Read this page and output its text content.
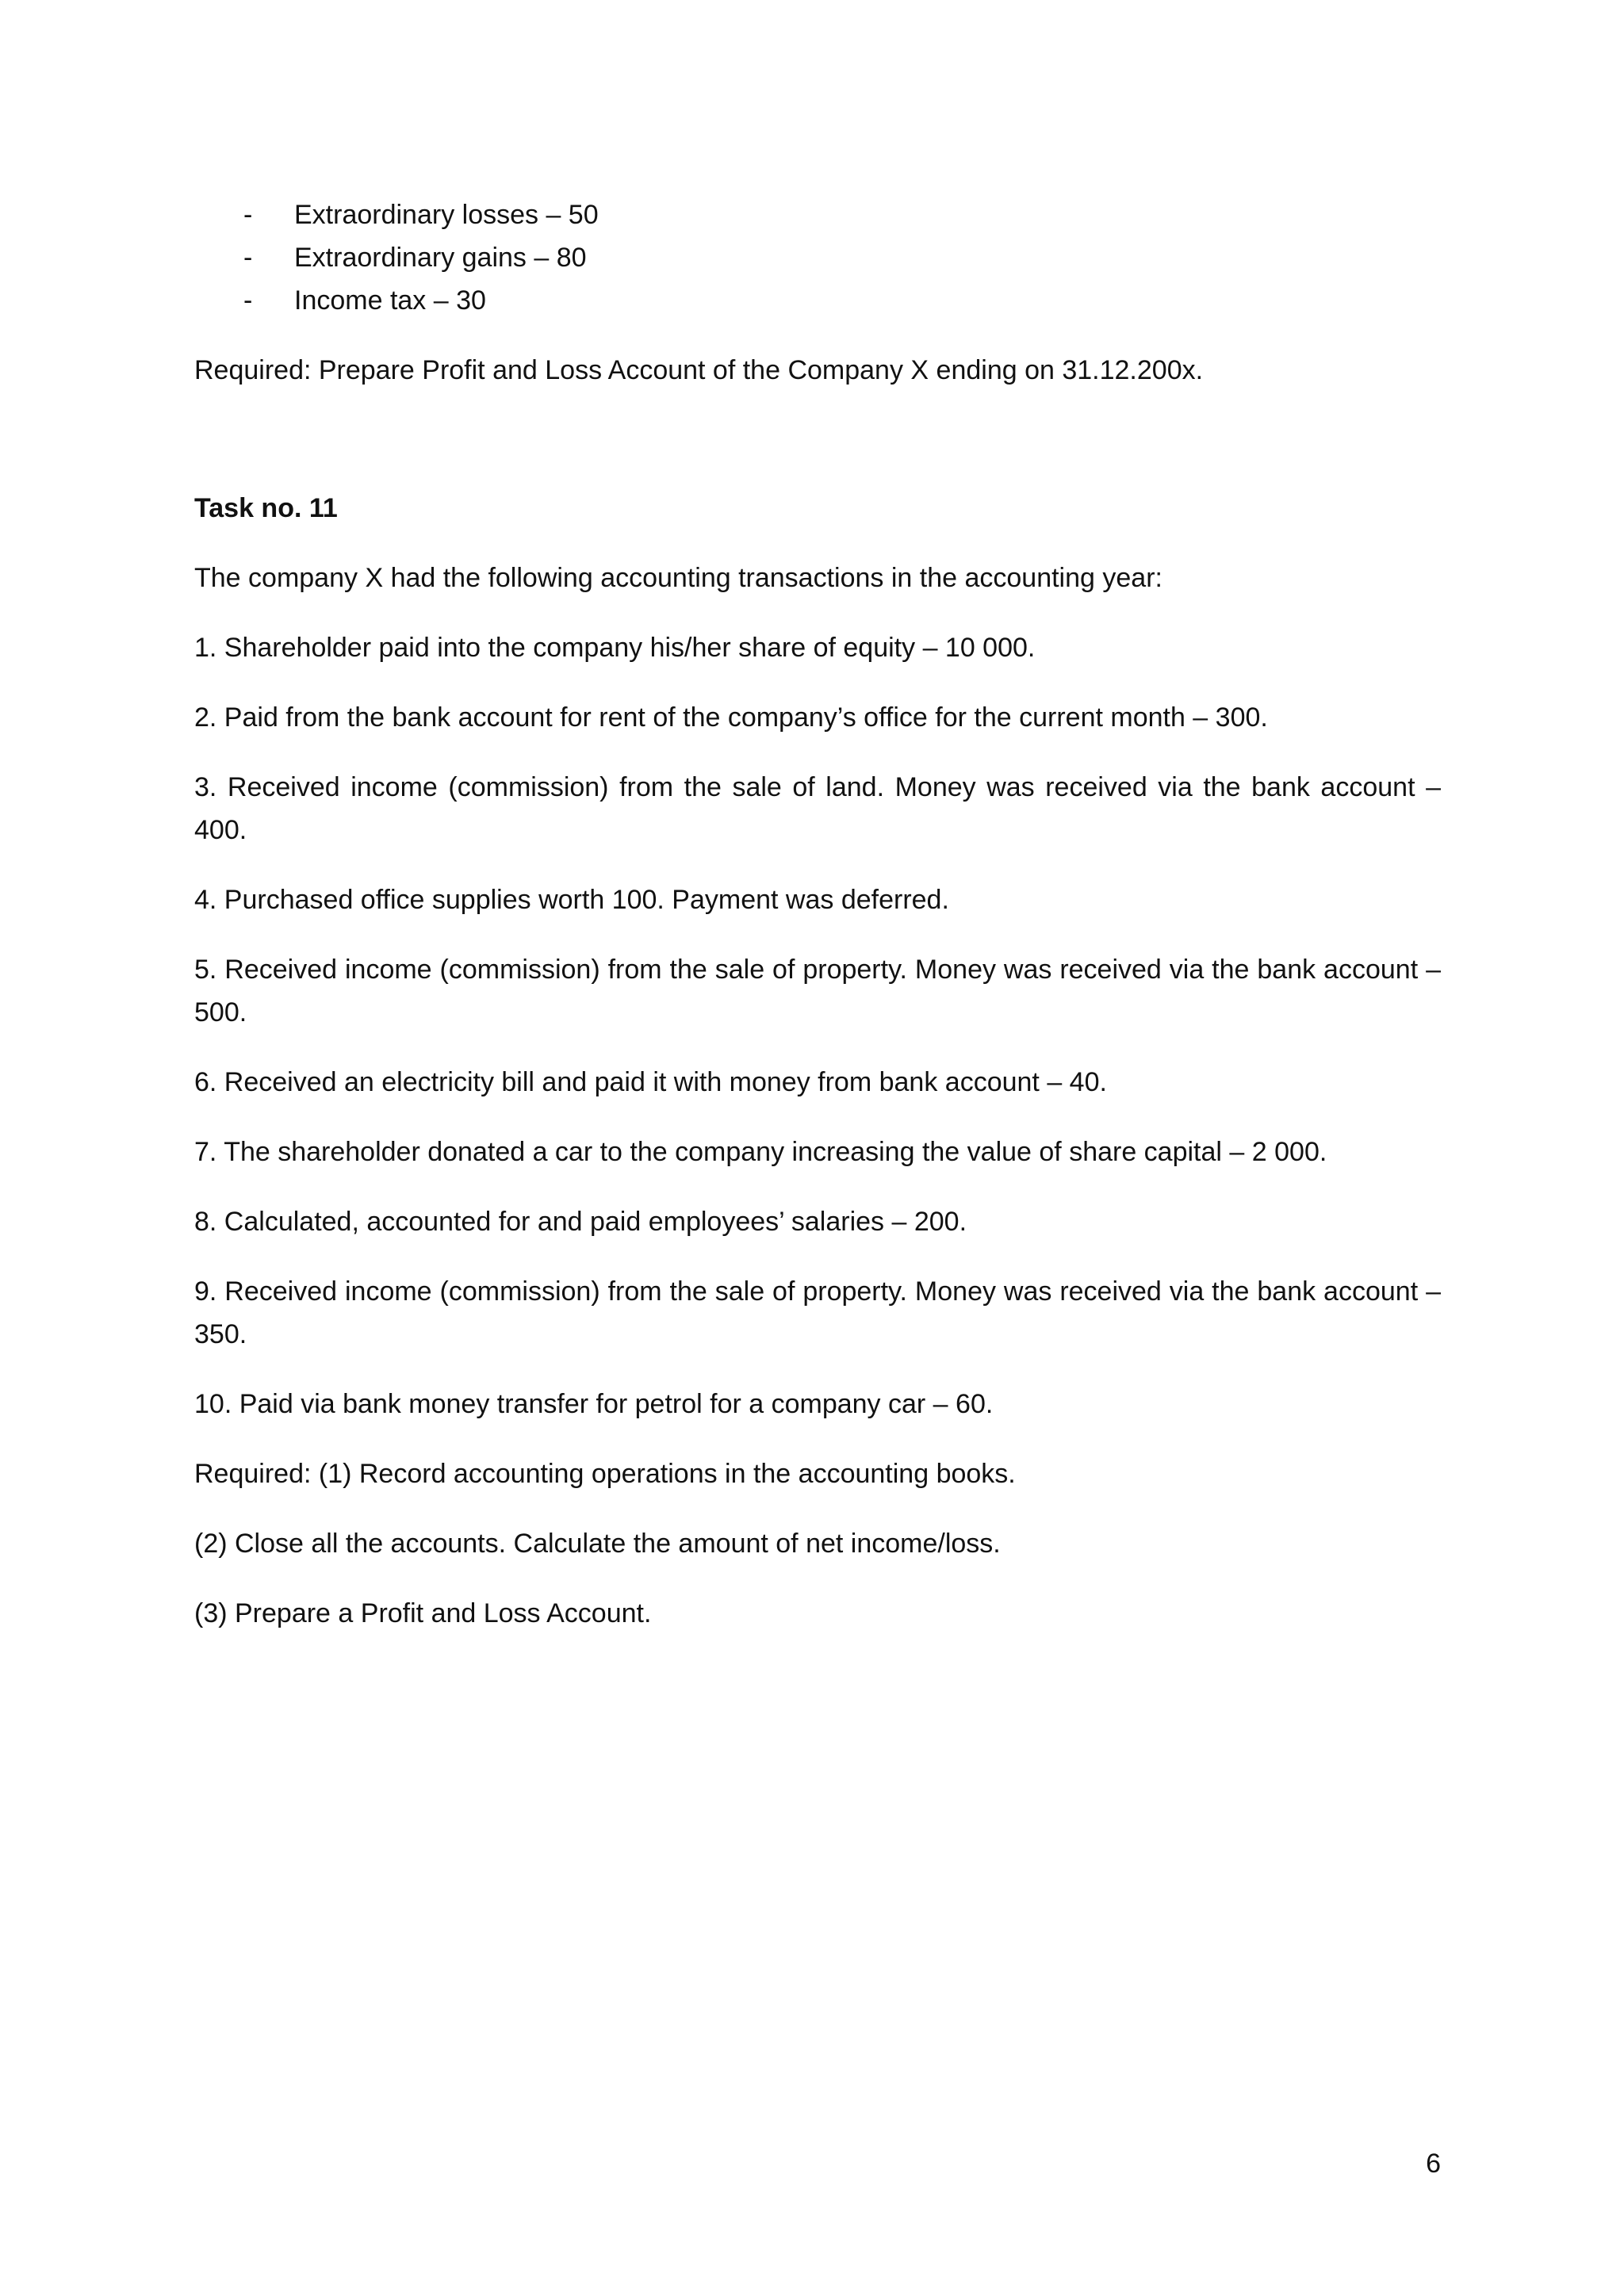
- Extraordinary losses – 50
- Extraordinary gains – 80
- Income tax – 30

Required: Prepare Profit and Loss Account of the Company X ending on 31.12.200x.

Task no. 11

The company X had the following accounting transactions in the accounting year:

1. Shareholder paid into the company his/her share of equity – 10 000.

2. Paid from the bank account for rent of the company’s office for the current month – 300.

3. Received income (commission) from the sale of land. Money was received via the bank account – 400.

4. Purchased office supplies worth 100. Payment was deferred.

5. Received income (commission) from the sale of property. Money was received via the bank account –500.

6. Received an electricity bill and paid it with money from bank account – 40.

7. The shareholder donated a car to the company increasing the value of share capital – 2 000.

8. Calculated, accounted for and paid employees’ salaries – 200.

9. Received income (commission) from the sale of property. Money was received via the bank account – 350.

10. Paid via bank money transfer for petrol for a company car – 60.

Required: (1) Record accounting operations in the accounting books.

(2) Close all the accounts. Calculate the amount of net income/loss.

(3) Prepare a Profit and Loss Account.

6
